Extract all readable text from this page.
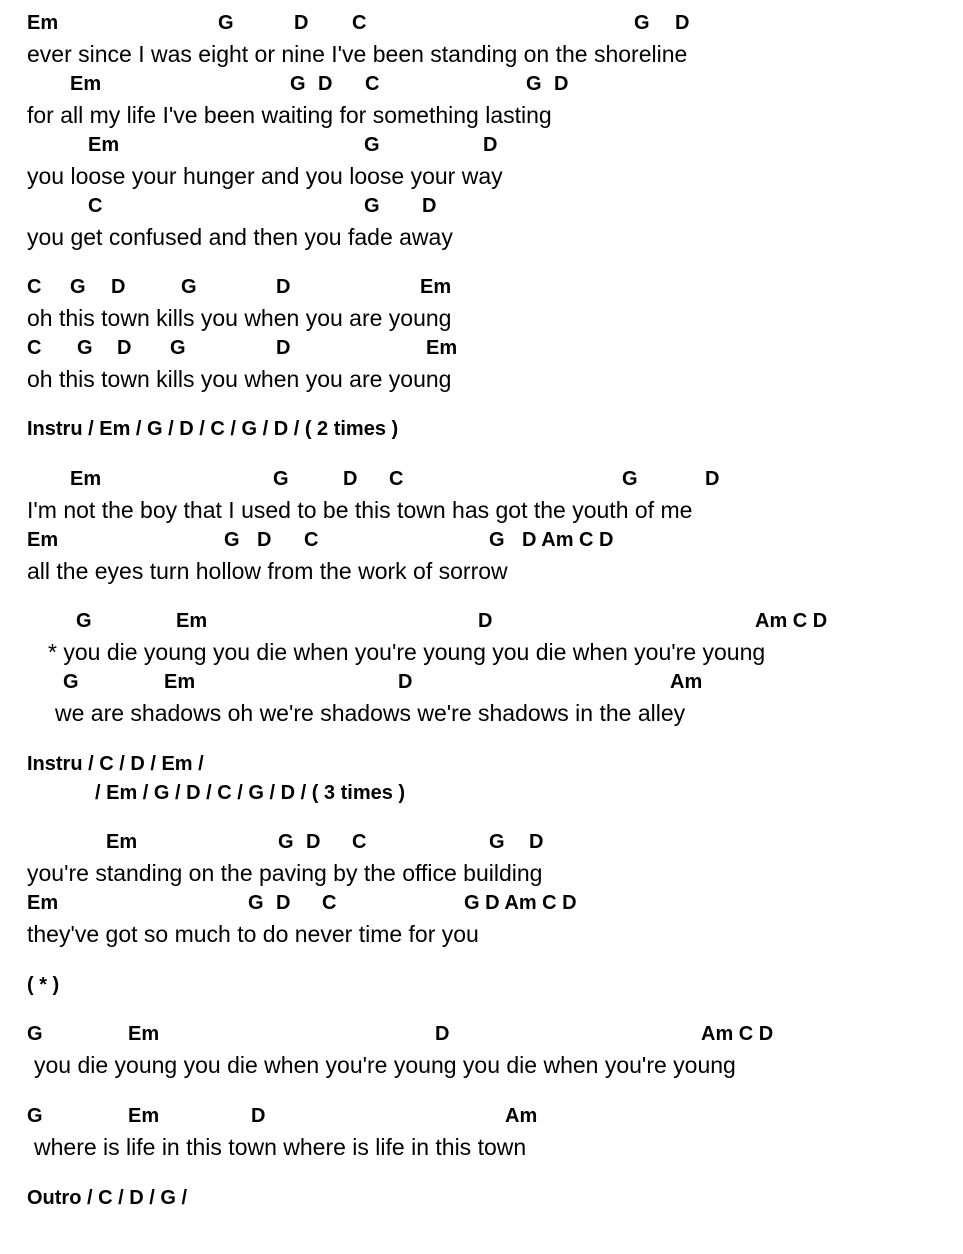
Em	G	D C	G D
ever since I was eight or nine I've been standing on the shoreline
Em	G D C	G D
for all my life I've been waiting for something lasting
Em	G	D
you loose your hunger and you loose your way
C	G D
you get confused and then you fade away
C G D	G	D	Em
oh this town kills you when you are young
C G D G	D	Em
oh this town kills you when you are young
Instru / Em / G / D / C / G / D / ( 2 times )
Em	G	D C	G	D
I'm not the boy that I used to be this town has got the youth of me
Em	G D C	G D Am C D
all the eyes turn hollow from the work of sorrow
G	Em	D	Am C D
* you die young you die when you're young you die when you're young
G	Em	D	Am
we are shadows oh we're shadows we're shadows in the alley
Instru / C / D / Em /
/ Em / G / D / C / G / D / ( 3 times )
Em	G D C	G D
you're standing on the paving by the office building
Em	G D C	G D Am C D
they've got so much to do never time for you
( * )
G	Em	D	Am C D
you die young you die when you're young you die when you're young
G	Em	D	Am
where is life in this town where is life in this town
Outro / C / D / G /
